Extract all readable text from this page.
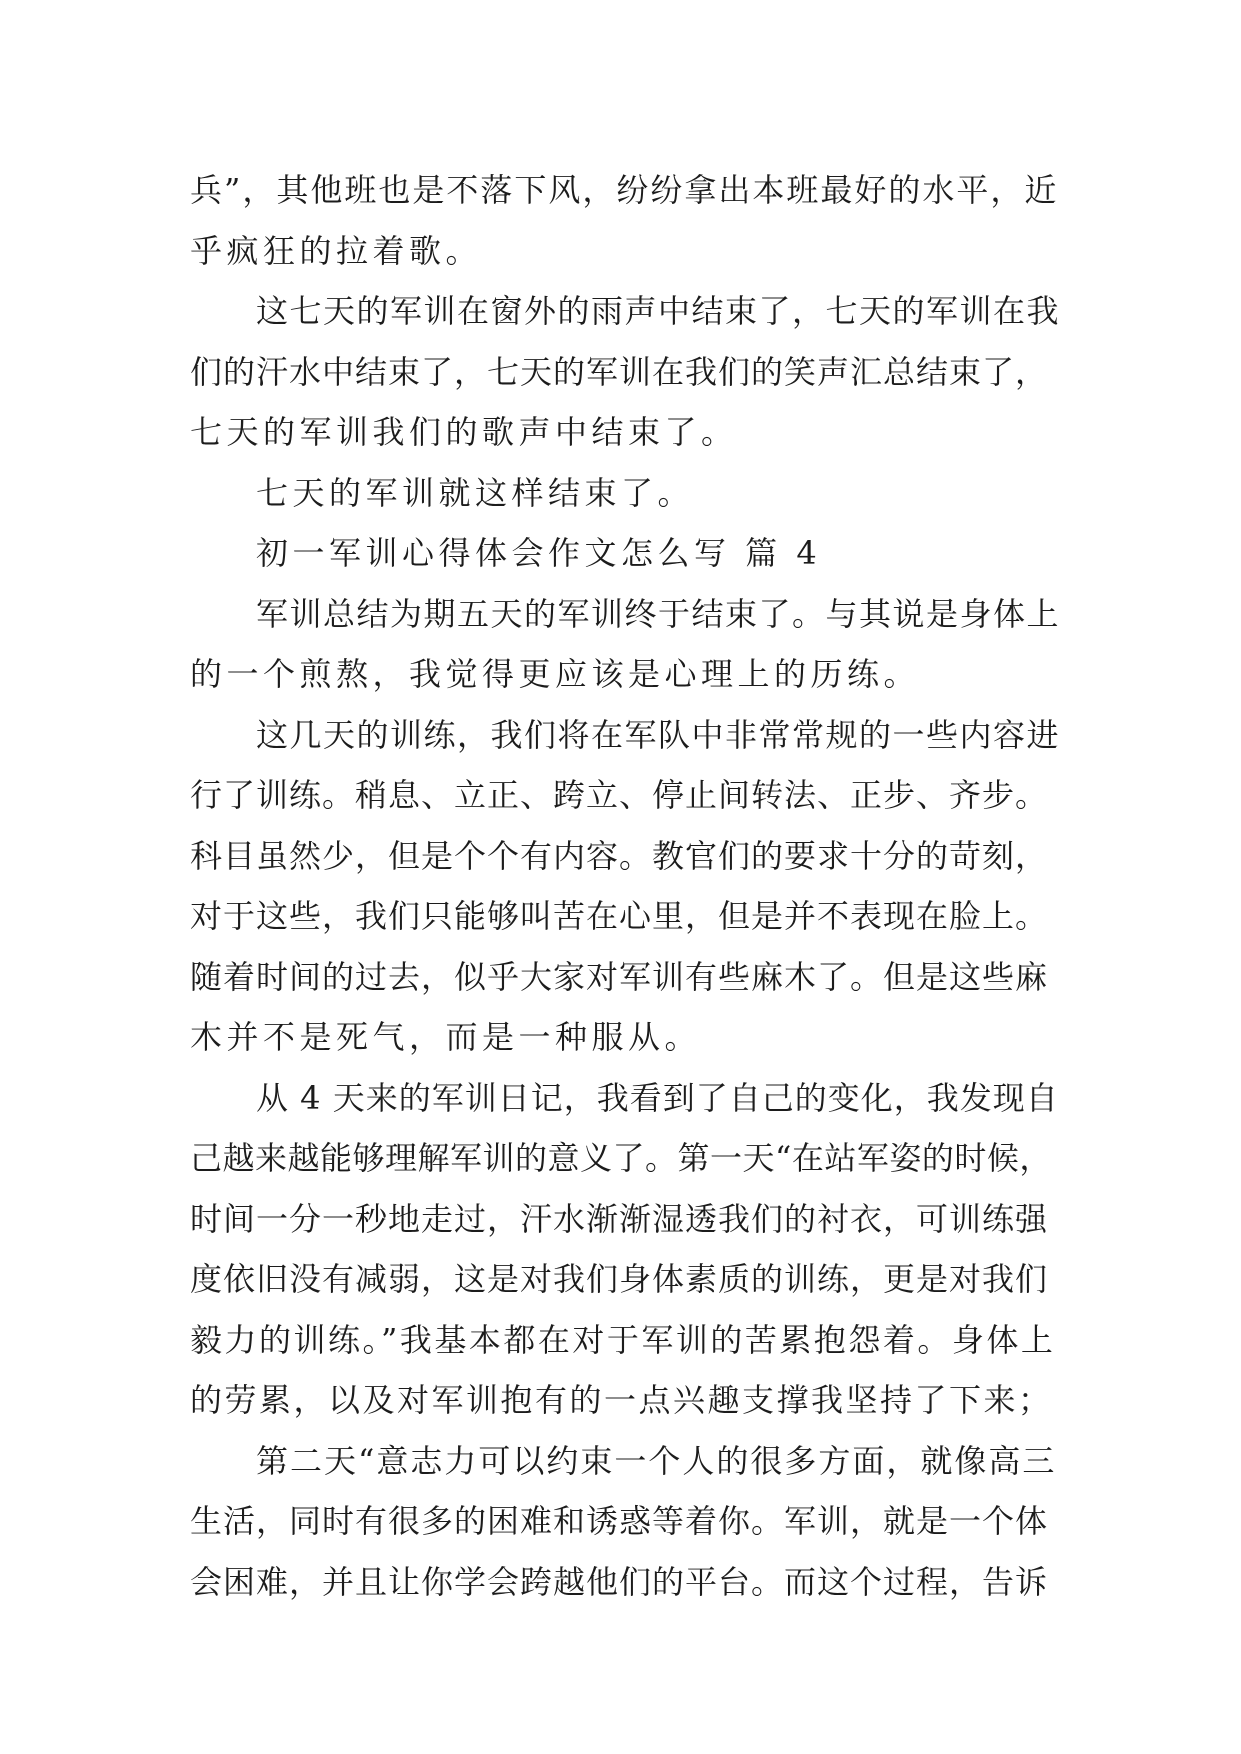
兵”，其他班也是不落下风，纷纷拿出本班最好的水平，近
乎疯狂的拉着歌。
这七天的军训在窗外的雨声中结束了，七天的军训在我
们的汗水中结束了，七天的军训在我们的笑声汇总结束了，
七天的军训我们的歌声中结束了。
七天的军训就这样结束了。
初一军训心得体会作文怎么写 篇 4
军训总结为期五天的军训终于结束了。与其说是身体上
的一个煎熬，我觉得更应该是心理上的历练。
这几天的训练，我们将在军队中非常常规的一些内容进
行了训练。稍息、立正、跨立、停止间转法、正步、齐步。
科目虽然少，但是个个有内容。教官们的要求十分的苛刻，
对于这些，我们只能够叫苦在心里，但是并不表现在脸上。
随着时间的过去，似乎大家对军训有些麻木了。但是这些麻
木并不是死气，而是一种服从。
从 4 天来的军训日记，我看到了自己的变化，我发现自
己越来越能够理解军训的意义了。第一天“在站军姿的时候，
时间一分一秒地走过，汗水渐渐湿透我们的衬衣，可训练强
度依旧没有减弱，这是对我们身体素质的训练，更是对我们
毅力的训练。”我基本都在对于军训的苦累抱怨着。身体上
的劳累，以及对军训抱有的一点兴趣支撑我坚持了下来；
第二天“意志力可以约束一个人的很多方面，就像高三
生活，同时有很多的困难和诱惑等着你。军训，就是一个体
会困难，并且让你学会跨越他们的平台。而这个过程，告诉
